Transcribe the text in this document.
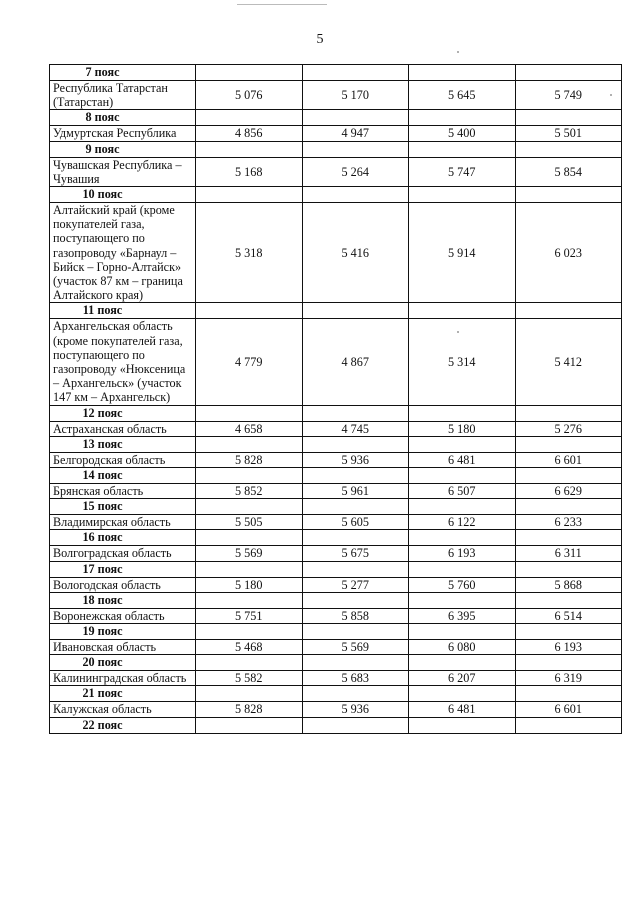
5
7 пояс				
Республика Татарстан (Татарстан)	5 076	5 170	5 645	5 749
8 пояс				
Удмуртская Республика	4 856	4 947	5 400	5 501
9 пояс				
Чувашская Республика – Чувашия	5 168	5 264	5 747	5 854
10 пояс				
Алтайский край (кроме покупателей газа, поступающего по газопроводу «Барнаул – Бийск – Горно-Алтайск» (участок 87 км – граница Алтайского края)	5 318	5 416	5 914	6 023
11 пояс				
Архангельская область (кроме покупателей газа, поступающего по газопроводу «Нюксеница – Архангельск» (участок 147 км – Архангельск)	4 779	4 867	5 314	5 412
12 пояс				
Астраханская область	4 658	4 745	5 180	5 276
13 пояс				
Белгородская область	5 828	5 936	6 481	6 601
14 пояс				
Брянская область	5 852	5 961	6 507	6 629
15 пояс				
Владимирская область	5 505	5 605	6 122	6 233
16 пояс				
Волгоградская область	5 569	5 675	6 193	6 311
17 пояс				
Вологодская область	5 180	5 277	5 760	5 868
18 пояс				
Воронежская область	5 751	5 858	6 395	6 514
19 пояс				
Ивановская область	5 468	5 569	6 080	6 193
20 пояс				
Калининградская область	5 582	5 683	6 207	6 319
21 пояс				
Калужская область	5 828	5 936	6 481	6 601
22 пояс				
